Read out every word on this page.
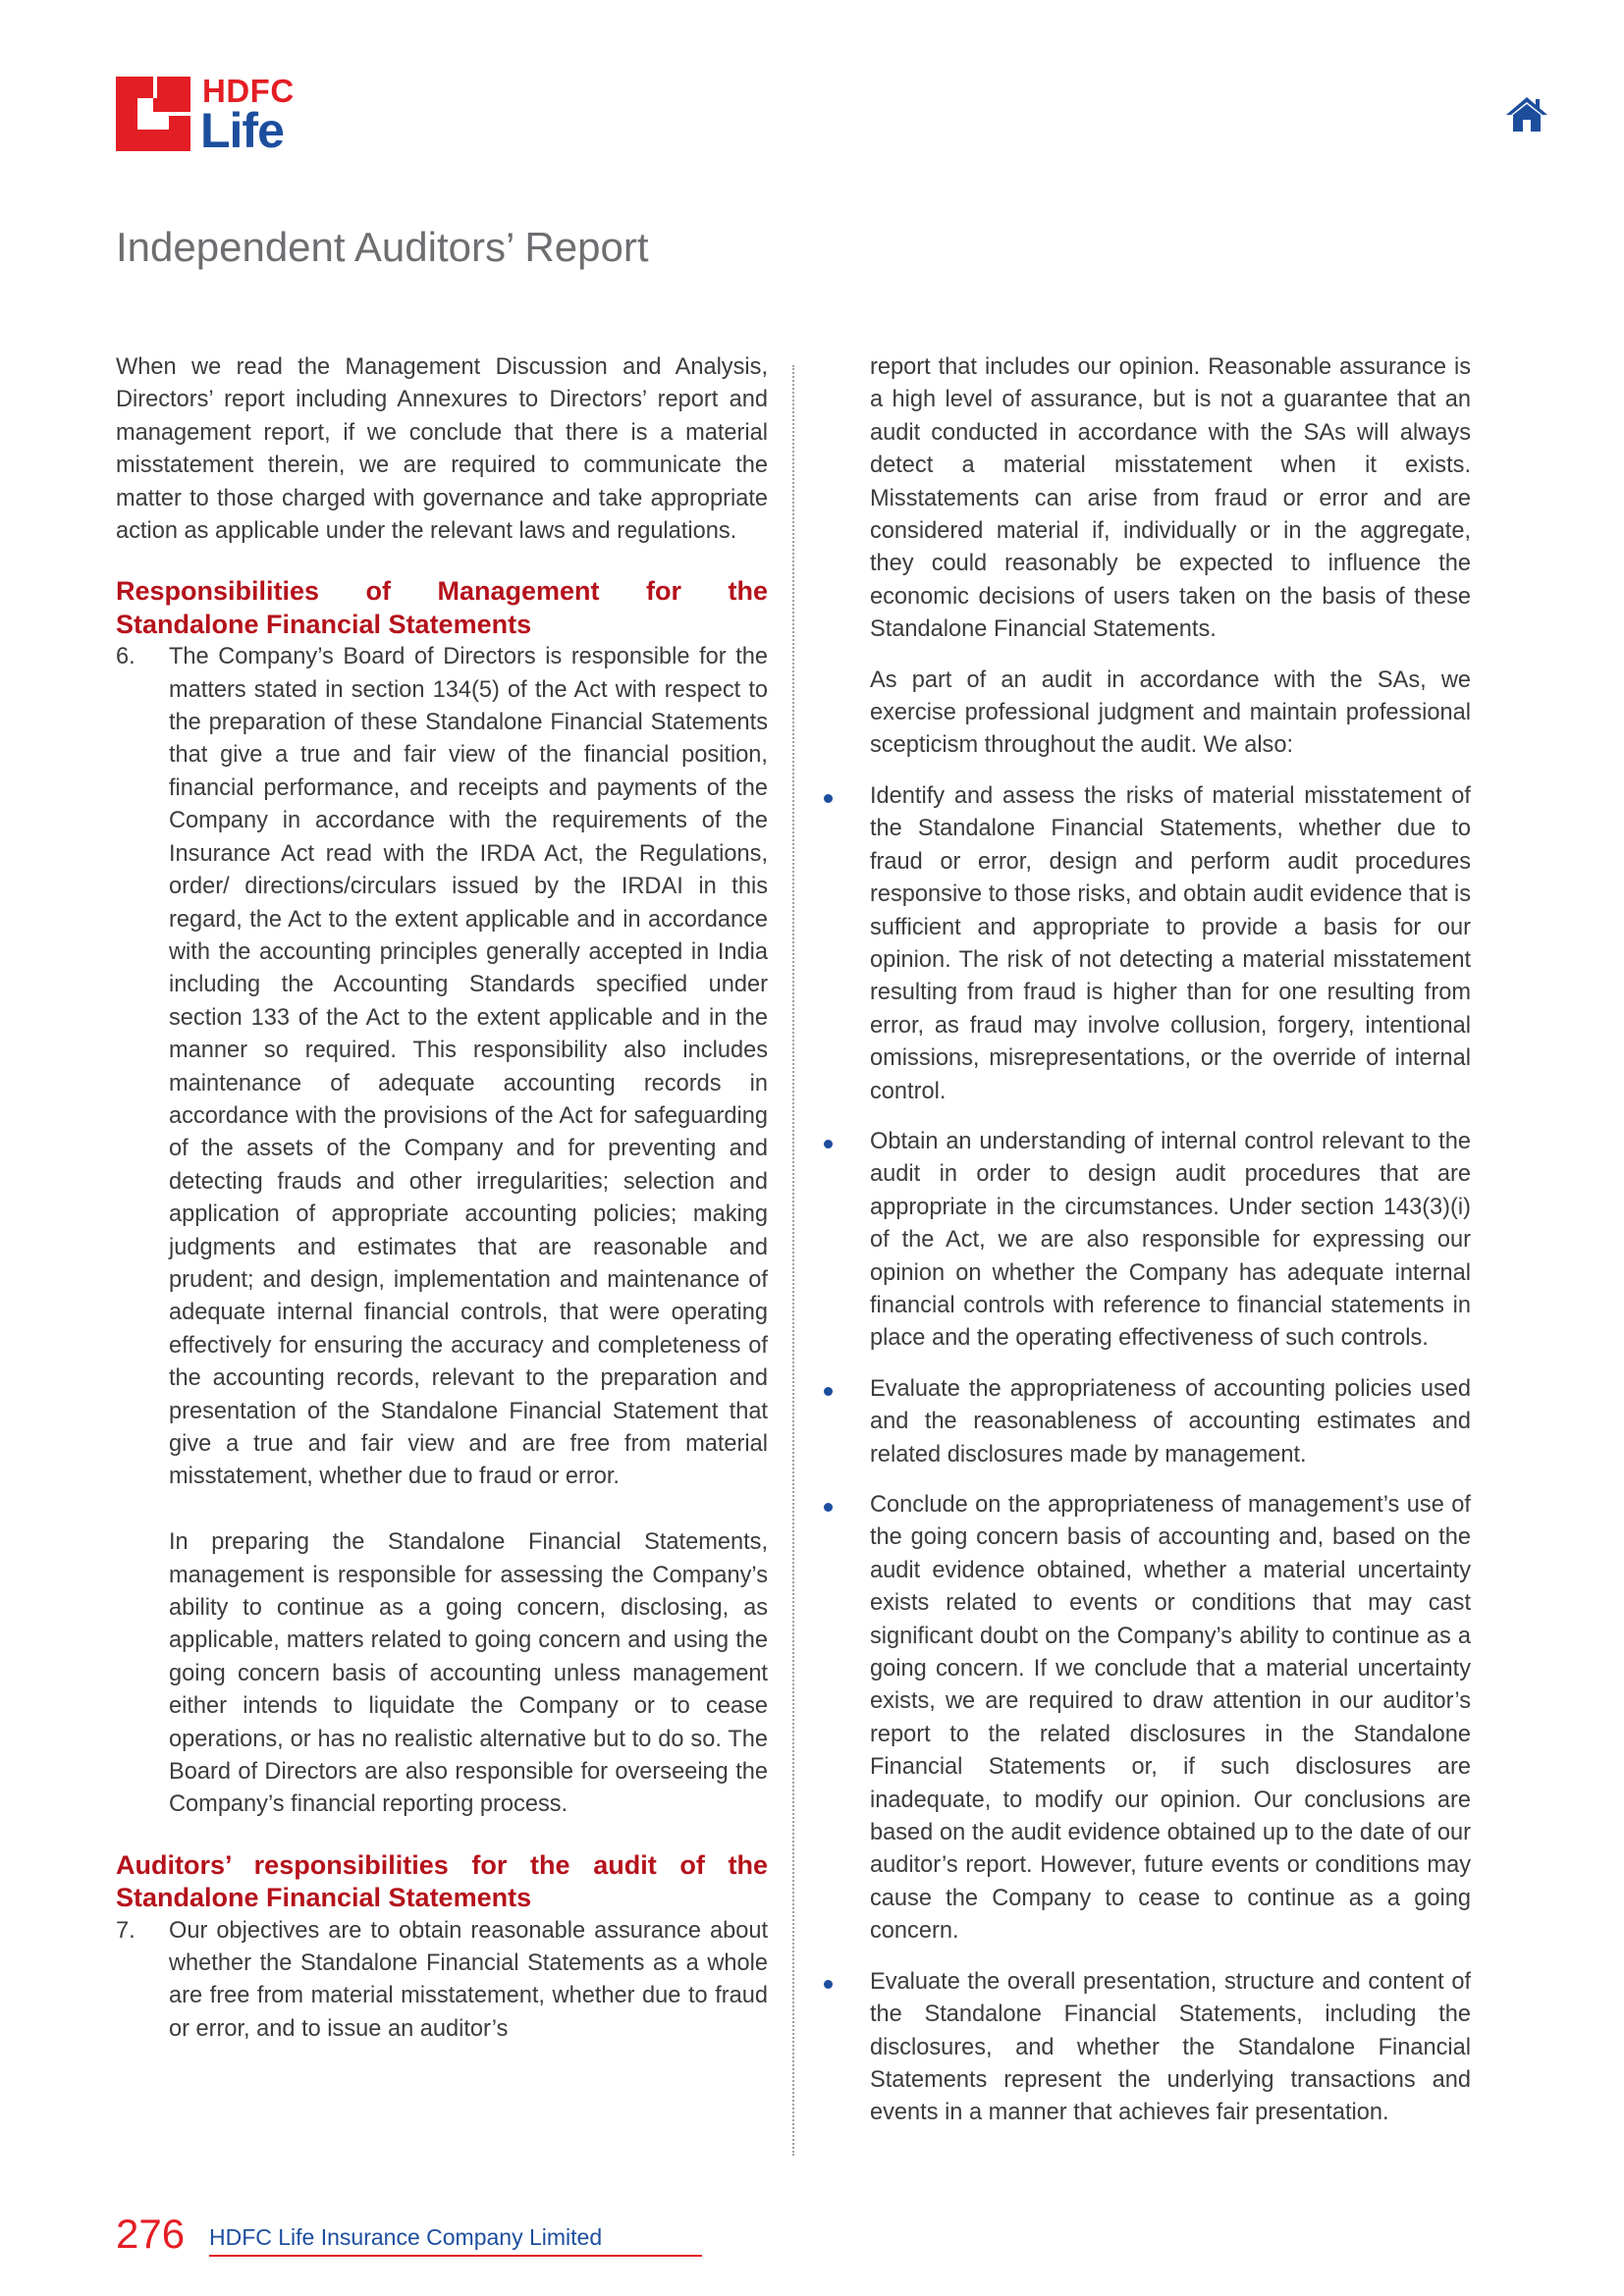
HDFC
Life
Independent Auditors’ Report

When we read the Management Discussion and Analysis, Directors’ report including Annexures to Directors’ report and management report, if we conclude that there is a material misstatement therein, we are required to communicate the matter to those charged with governance and take appropriate action as applicable under the relevant laws and regulations.

Responsibilities of Management for the

Standalone Financial Statements

6.	The Company’s Board of Directors is responsible for the matters stated in section 134(5) of the Act with respect to the preparation of these Standalone Financial Statements that give a true and fair view of the financial position, financial performance, and receipts and payments of the Company in accordance with the requirements of the Insurance Act read with the IRDA Act, the Regulations, order/ directions/circulars issued by the IRDAI in this regard, the Act to the extent applicable and in accordance with the accounting principles generally accepted in India including the Accounting Standards specified under section 133 of the Act to the extent applicable and in the manner so required. This responsibility also includes maintenance of adequate accounting records in accordance with the provisions of the Act for safeguarding of the assets of the Company and for preventing and detecting frauds and other irregularities; selection and application of appropriate accounting policies; making judgments and estimates that are reasonable and prudent; and design, implementation and maintenance of adequate internal financial controls, that were operating effectively for ensuring the accuracy and completeness of the accounting records, relevant to the preparation and presentation of the Standalone Financial Statement that give a true and fair view and are free from material misstatement, whether due to fraud or error.

In preparing the Standalone Financial Statements, management is responsible for assessing the Company’s ability to continue as a going concern, disclosing, as applicable, matters related to going concern and using the going concern basis of accounting unless management either intends to liquidate the Company or to cease operations, or has no realistic alternative but to do so. The Board of Directors are also responsible for overseeing the Company’s financial reporting process.

Auditors’ responsibilities for the audit of the

Standalone Financial Statements

7.	Our objectives are to obtain reasonable assurance about whether the Standalone Financial Statements as a whole are free from material misstatement, whether due to fraud or error, and to issue an auditor’s

report that includes our opinion. Reasonable assurance is a high level of assurance, but is not a guarantee that an audit conducted in accordance with the SAs will always detect a material misstatement when it exists. Misstatements can arise from fraud or error and are considered material if, individually or in the aggregate, they could reasonably be expected to influence the economic decisions of users taken on the basis of these Standalone Financial Statements.

As part of an audit in accordance with the SAs, we exercise professional judgment and maintain professional scepticism throughout the audit. We also:

Identify and assess the risks of material misstatement of the Standalone Financial Statements, whether due to fraud or error, design and perform audit procedures responsive to those risks, and obtain audit evidence that is sufficient and appropriate to provide a basis for our opinion. The risk of not detecting a material misstatement resulting from fraud is higher than for one resulting from error, as fraud may involve collusion, forgery, intentional omissions, misrepresentations, or the override of internal control.

Obtain an understanding of internal control relevant to the audit in order to design audit procedures that are appropriate in the circumstances. Under section 143(3)(i) of the Act, we are also responsible for expressing our opinion on whether the Company has adequate internal financial controls with reference to financial statements in place and the operating effectiveness of such controls.

Evaluate the appropriateness of accounting policies used and the reasonableness of accounting estimates and related disclosures made by management.

Conclude on the appropriateness of management’s use of the going concern basis of accounting and, based on the audit evidence obtained, whether a material uncertainty exists related to events or conditions that may cast significant doubt on the Company’s ability to continue as a going concern. If we conclude that a material uncertainty exists, we are required to draw attention in our auditor’s report to the related disclosures in the Standalone Financial Statements or, if such disclosures are inadequate, to modify our opinion. Our conclusions are based on the audit evidence obtained up to the date of our auditor’s report. However, future events or conditions may cause the Company to cease to continue as a going concern.

Evaluate the overall presentation, structure and content of the Standalone Financial Statements, including the disclosures, and whether the Standalone Financial Statements represent the underlying transactions and events in a manner that achieves fair presentation.

276 HDFC Life Insurance Company Limited
